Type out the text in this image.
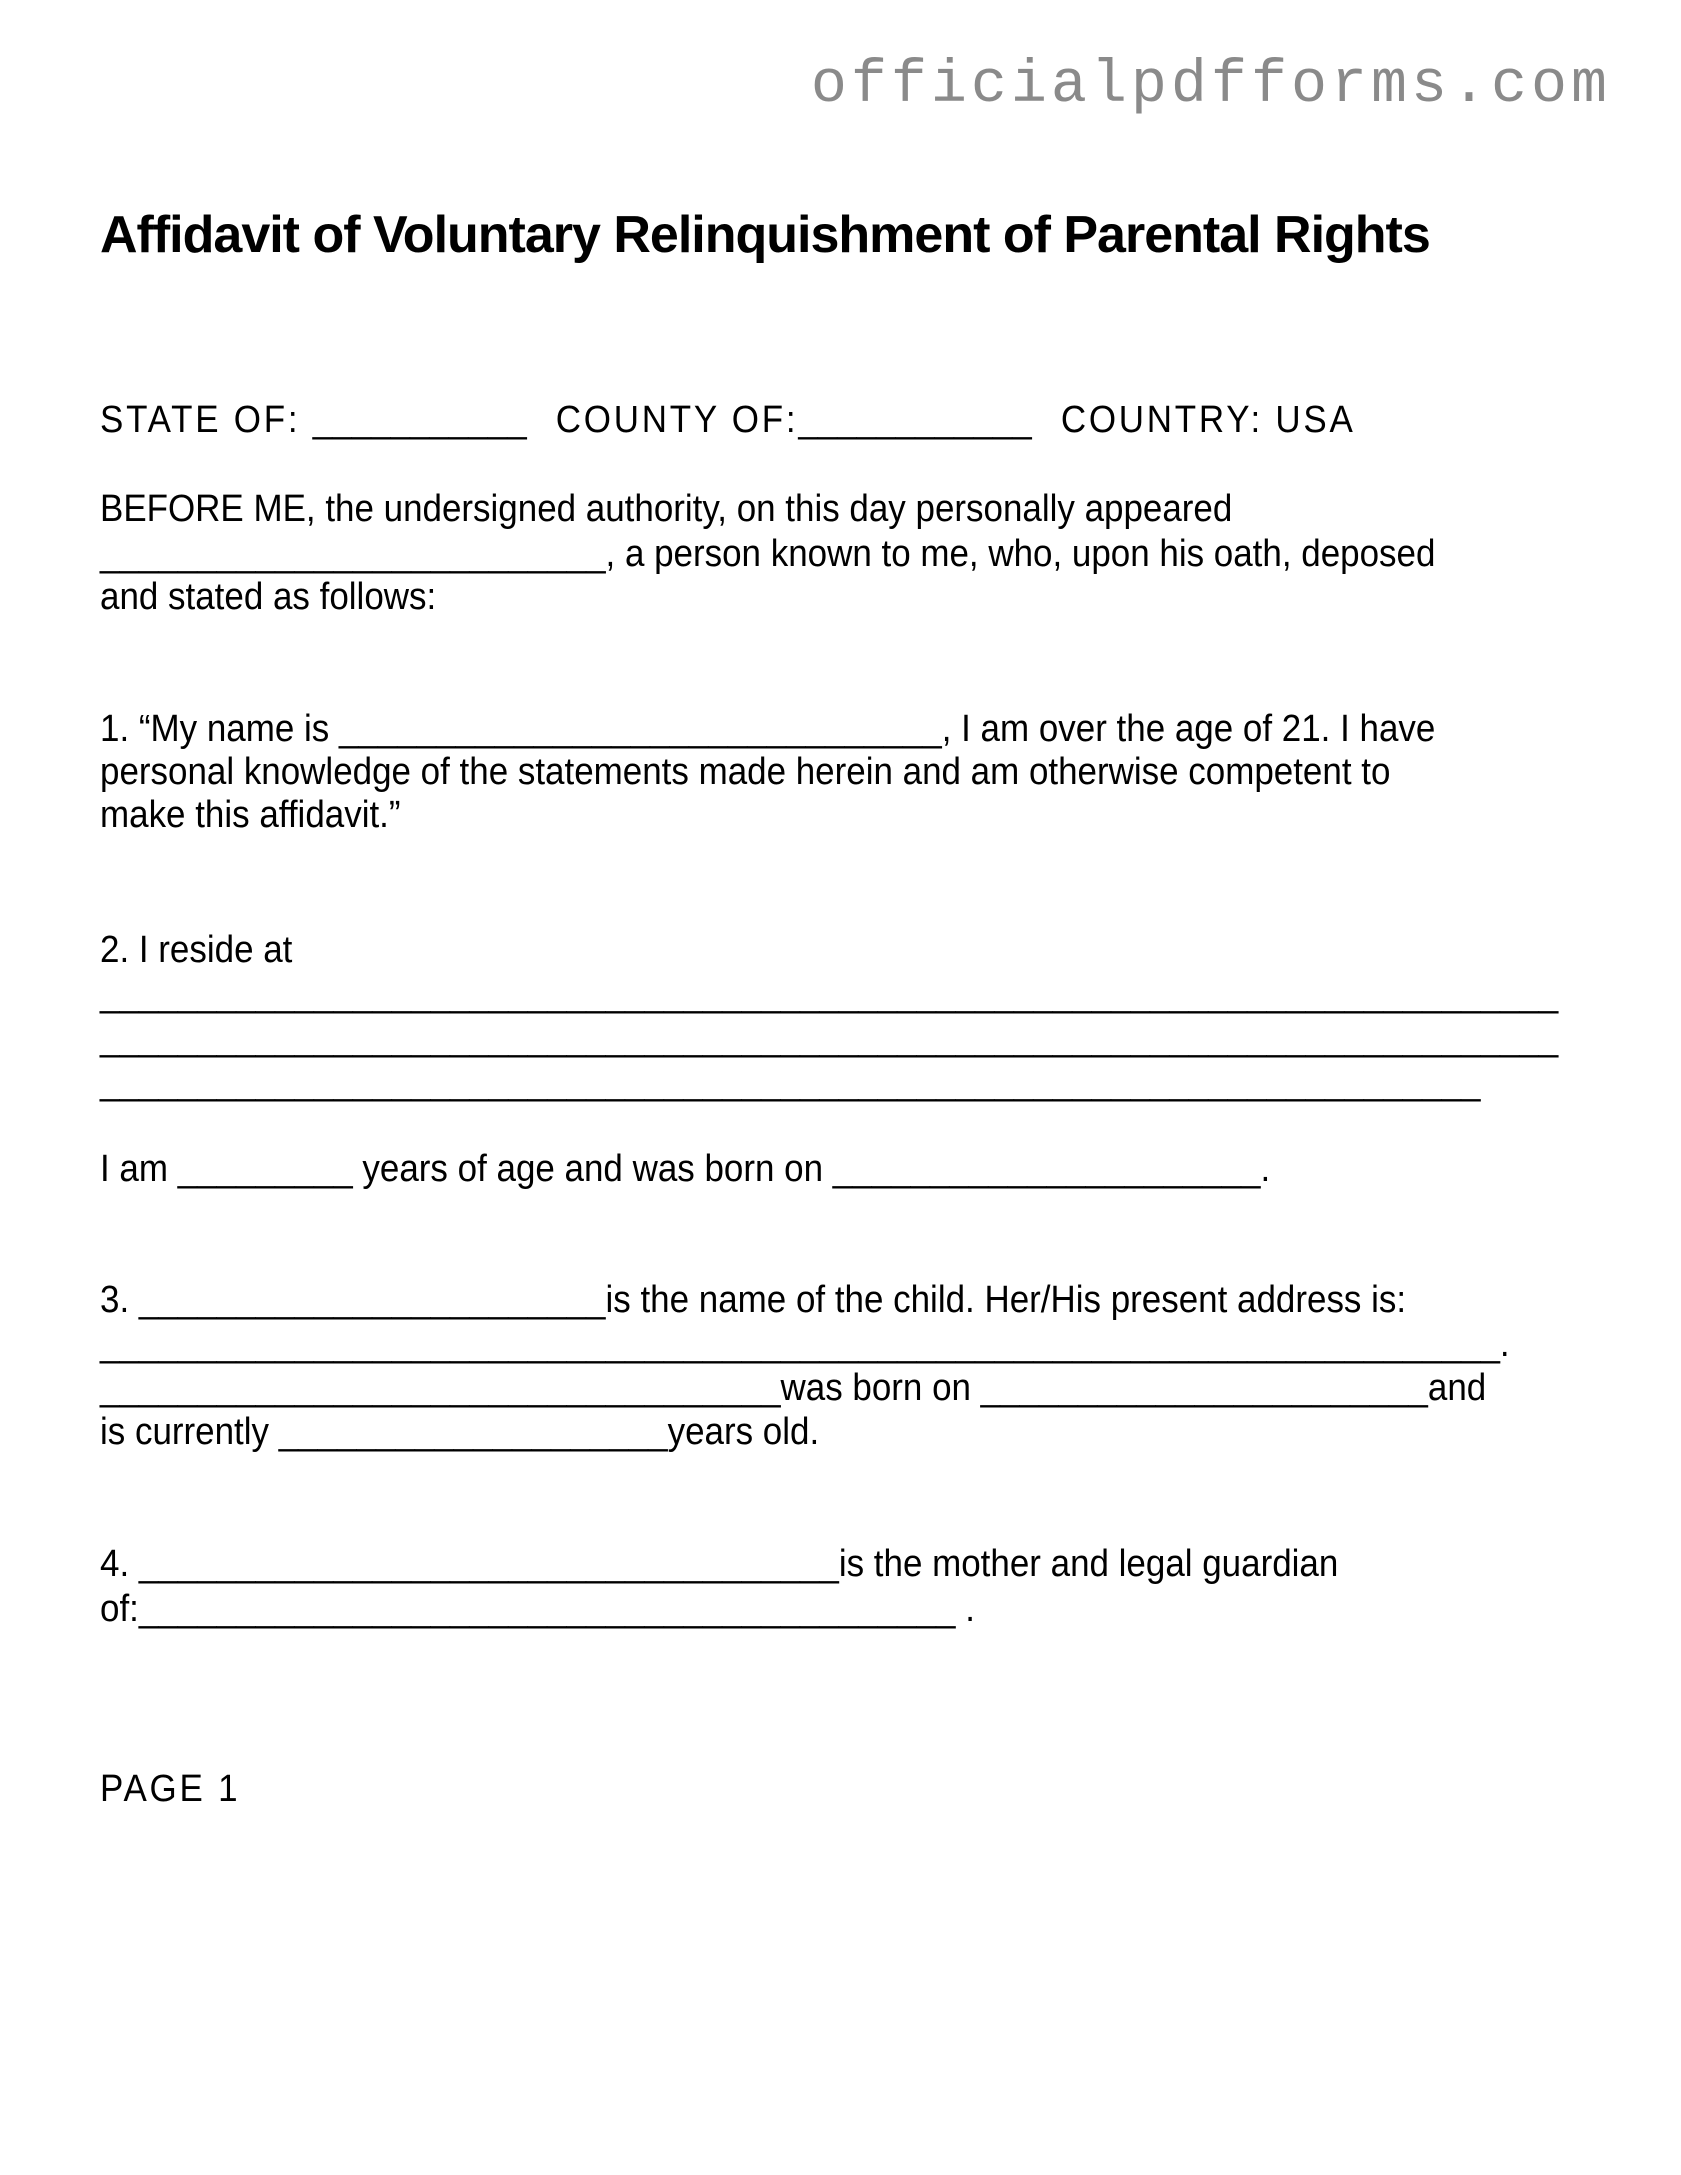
officialpdfforms.com
Affidavit of Voluntary Relinquishment of Parental Rights
STATE OF: ___________ COUNTY OF:____________ COUNTRY: USA
BEFORE ME, the undersigned authority, on this day personally appeared
__________________________, a person known to me, who, upon his oath, deposed
and stated as follows:
1. “My name is _______________________________, I am over the age of 21. I have
personal knowledge of the statements made herein and am otherwise competent to
make this affidavit.”
2. I reside at
___________________________________________________________________________
___________________________________________________________________________
_______________________________________________________________________
I am _________ years of age and was born on ______________________.
3. ________________________is the name of the child. Her/His present address is:
________________________________________________________________________.
___________________________________was born on _______________________and
is currently ____________________years old.
4. ____________________________________is the mother and legal guardian
of:__________________________________________ .
PAGE 1
